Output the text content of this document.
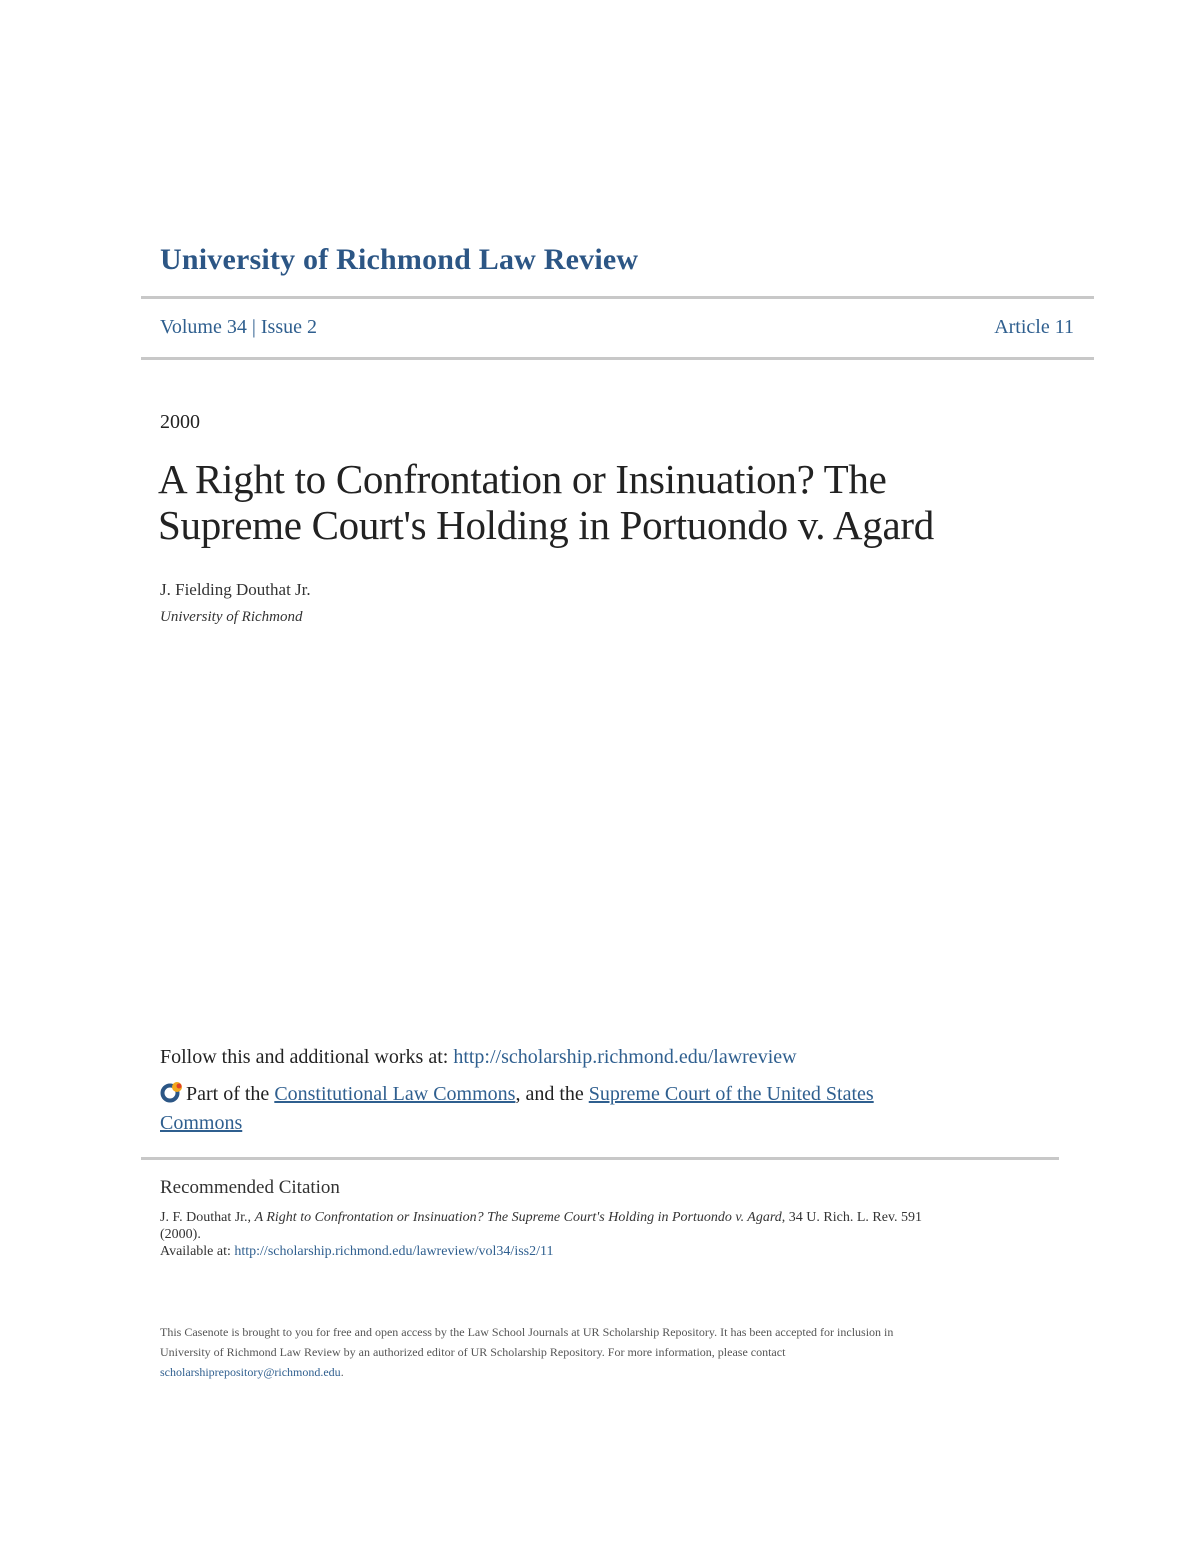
University of Richmond Law Review
Volume 34 | Issue 2	Article 11
2000
A Right to Confrontation or Insinuation? The
Supreme Court's Holding in Portuondo v. Agard
J. Fielding Douthat Jr.
University of Richmond
Follow this and additional works at: http://scholarship.richmond.edu/lawreview
Part of the Constitutional Law Commons, and the Supreme Court of the United States
Commons
Recommended Citation
J. F. Douthat Jr., A Right to Confrontation or Insinuation? The Supreme Court's Holding in Portuondo v. Agard, 34 U. Rich. L. Rev. 591
(2000).
Available at: http://scholarship.richmond.edu/lawreview/vol34/iss2/11
This Casenote is brought to you for free and open access by the Law School Journals at UR Scholarship Repository. It has been accepted for inclusion in
University of Richmond Law Review by an authorized editor of UR Scholarship Repository. For more information, please contact
scholarshiprepository@richmond.edu.
